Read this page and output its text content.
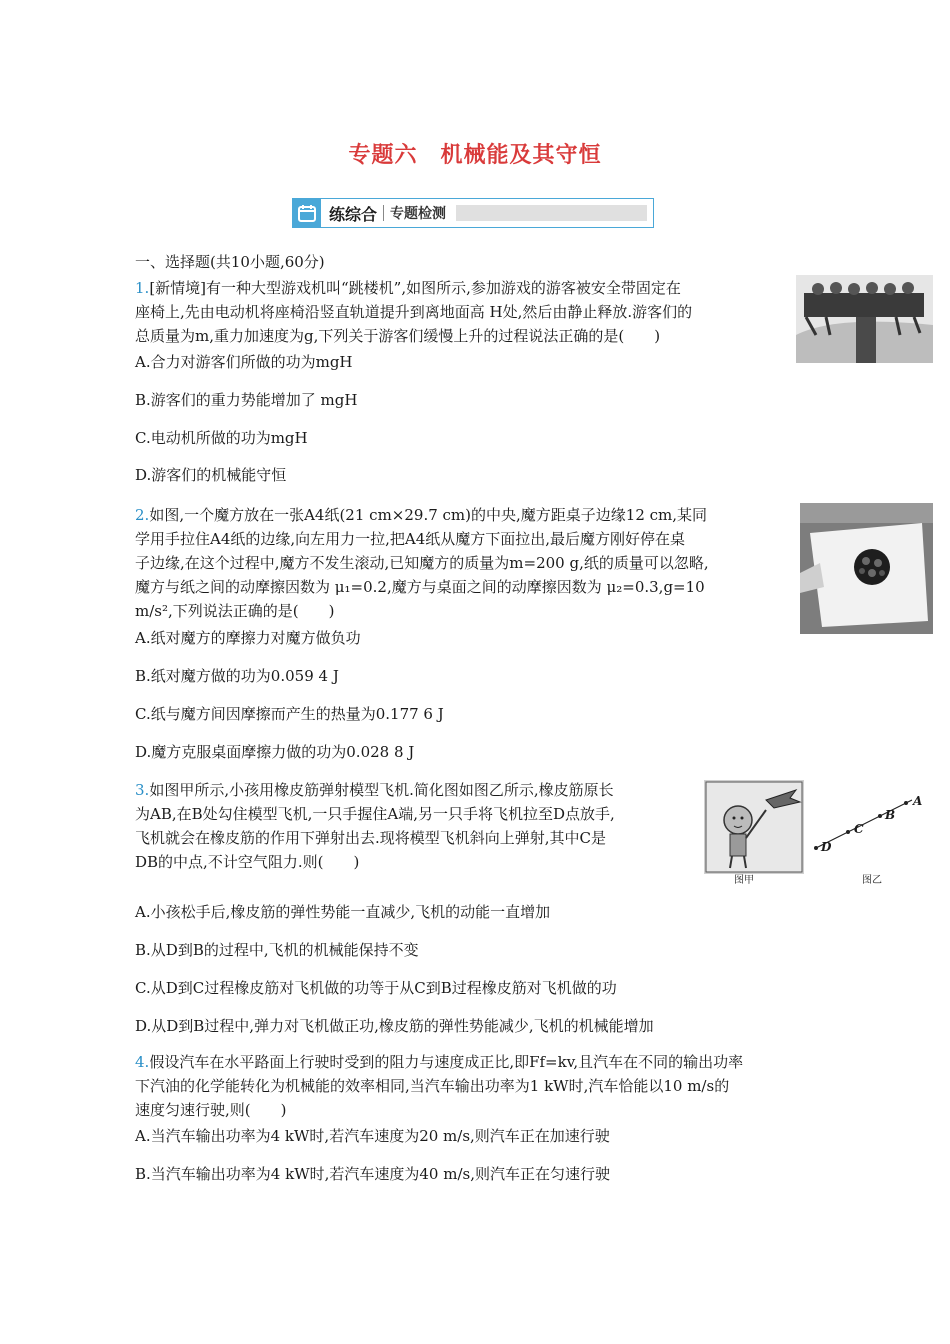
专题六　机械能及其守恒
练综合 专题检测
一、选择题(共10小题,60分)
1.[新情境]有一种大型游戏机叫“跳楼机”,如图所示,参加游戏的游客被安全带固定在
座椅上,先由电动机将座椅沿竖直轨道提升到离地面高 H处,然后由静止释放.游客们的
总质量为m,重力加速度为g,下列关于游客们缓慢上升的过程说法正确的是(　　)
A.合力对游客们所做的功为mgH
B.游客们的重力势能增加了 mgH
C.电动机所做的功为mgH
D.游客们的机械能守恒
2.如图,一个魔方放在一张A4纸(21 cm×29.7 cm)的中央,魔方距桌子边缘12 cm,某同
学用手拉住A4纸的边缘,向左用力一拉,把A4纸从魔方下面拉出,最后魔方刚好停在桌
子边缘,在这个过程中,魔方不发生滚动,已知魔方的质量为m=200 g,纸的质量可以忽略,
魔方与纸之间的动摩擦因数为 μ₁=0.2,魔方与桌面之间的动摩擦因数为 μ₂=0.3,g=10
m/s²,下列说法正确的是(　　)
A.纸对魔方的摩擦力对魔方做负功
B.纸对魔方做的功为0.059 4 J
C.纸与魔方间因摩擦而产生的热量为0.177 6 J
D.魔方克服桌面摩擦力做的功为0.028 8 J
3.如图甲所示,小孩用橡皮筋弹射模型飞机.简化图如图乙所示,橡皮筋原长
为AB,在B处勾住模型飞机,一只手握住A端,另一只手将飞机拉至D点放手,
飞机就会在橡皮筋的作用下弹射出去.现将模型飞机斜向上弹射,其中C是
DB的中点,不计空气阻力.则(　　)
A.小孩松手后,橡皮筋的弹性势能一直减少,飞机的动能一直增加
B.从D到B的过程中,飞机的机械能保持不变
C.从D到C过程橡皮筋对飞机做的功等于从C到B过程橡皮筋对飞机做的功
D.从D到B过程中,弹力对飞机做正功,橡皮筋的弹性势能减少,飞机的机械能增加
图甲
D
C
B
A
图乙
4.假设汽车在水平路面上行驶时受到的阻力与速度成正比,即Ff=kv,且汽车在不同的输出功率
下汽油的化学能转化为机械能的效率相同,当汽车输出功率为1 kW时,汽车恰能以10 m/s的
速度匀速行驶,则(　　)
A.当汽车输出功率为4 kW时,若汽车速度为20 m/s,则汽车正在加速行驶
B.当汽车输出功率为4 kW时,若汽车速度为40 m/s,则汽车正在匀速行驶
